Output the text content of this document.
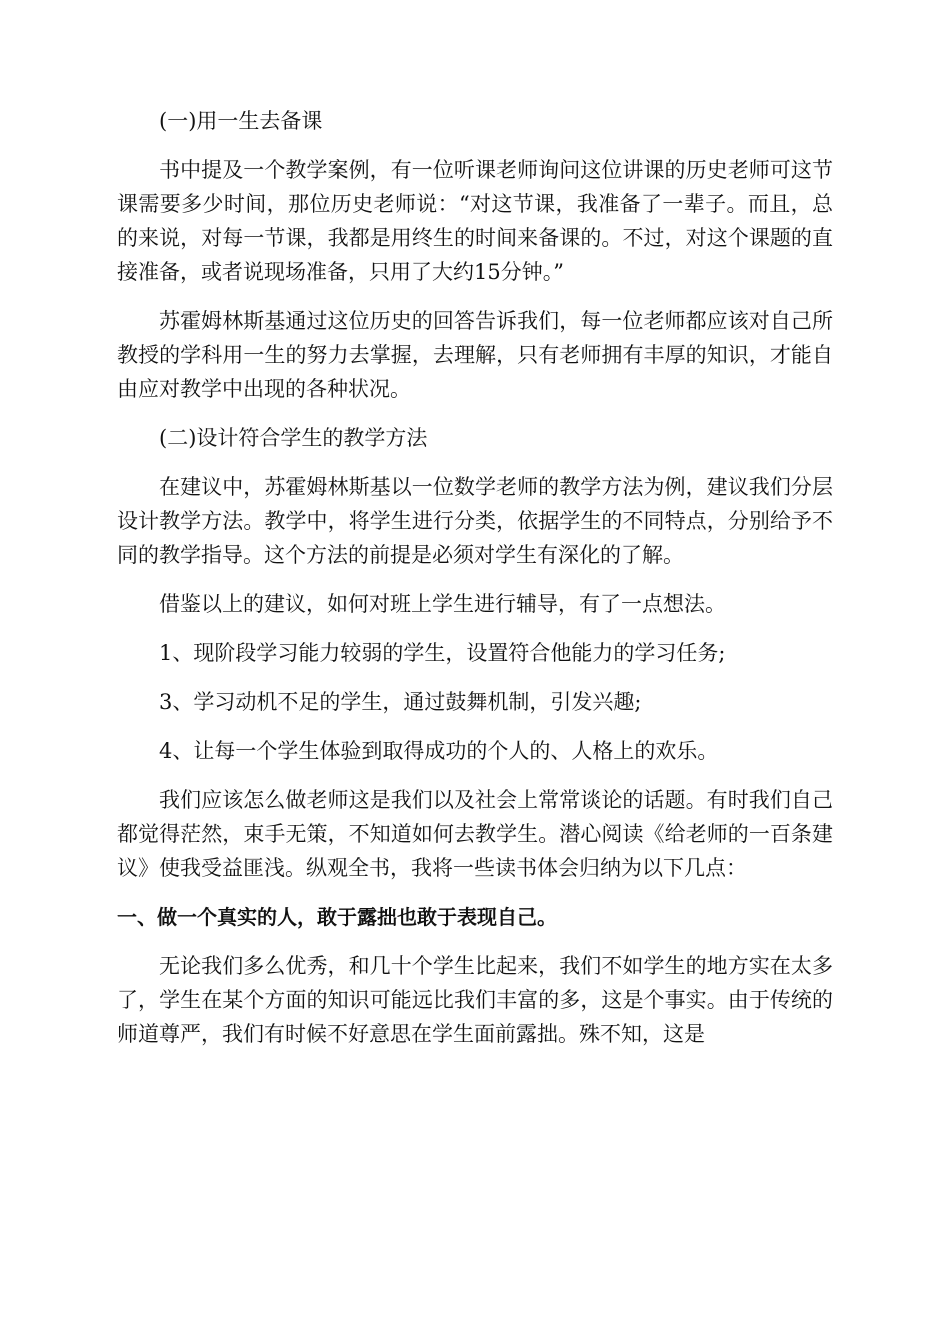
(一)用一生去备课

书中提及一个教学案例，有一位听课老师询问这位讲课的历史老师可这节课需要多少时间，那位历史老师说：“对这节课，我准备了一辈子。而且，总的来说，对每一节课，我都是用终生的时间来备课的。不过，对这个课题的直接准备，或者说现场准备，只用了大约15分钟。”

苏霍姆林斯基通过这位历史的回答告诉我们，每一位老师都应该对自己所教授的学科用一生的努力去掌握，去理解，只有老师拥有丰厚的知识，才能自由应对教学中出现的各种状况。

(二)设计符合学生的教学方法

在建议中，苏霍姆林斯基以一位数学老师的教学方法为例，建议我们分层设计教学方法。教学中，将学生进行分类，依据学生的不同特点，分别给予不同的教学指导。这个方法的前提是必须对学生有深化的了解。

借鉴以上的建议，如何对班上学生进行辅导，有了一点想法。

1、现阶段学习能力较弱的学生，设置符合他能力的学习任务;

3、学习动机不足的学生，通过鼓舞机制，引发兴趣;

4、让每一个学生体验到取得成功的个人的、人格上的欢乐。

我们应该怎么做老师这是我们以及社会上常常谈论的话题。有时我们自己都觉得茫然，束手无策，不知道如何去教学生。潜心阅读《给老师的一百条建议》使我受益匪浅。纵观全书，我将一些读书体会归纳为以下几点：

一、做一个真实的人，敢于露拙也敢于表现自己。

无论我们多么优秀，和几十个学生比起来，我们不如学生的地方实在太多了，学生在某个方面的知识可能远比我们丰富的多，这是个事实。由于传统的师道尊严，我们有时候不好意思在学生面前露拙。殊不知，这是
